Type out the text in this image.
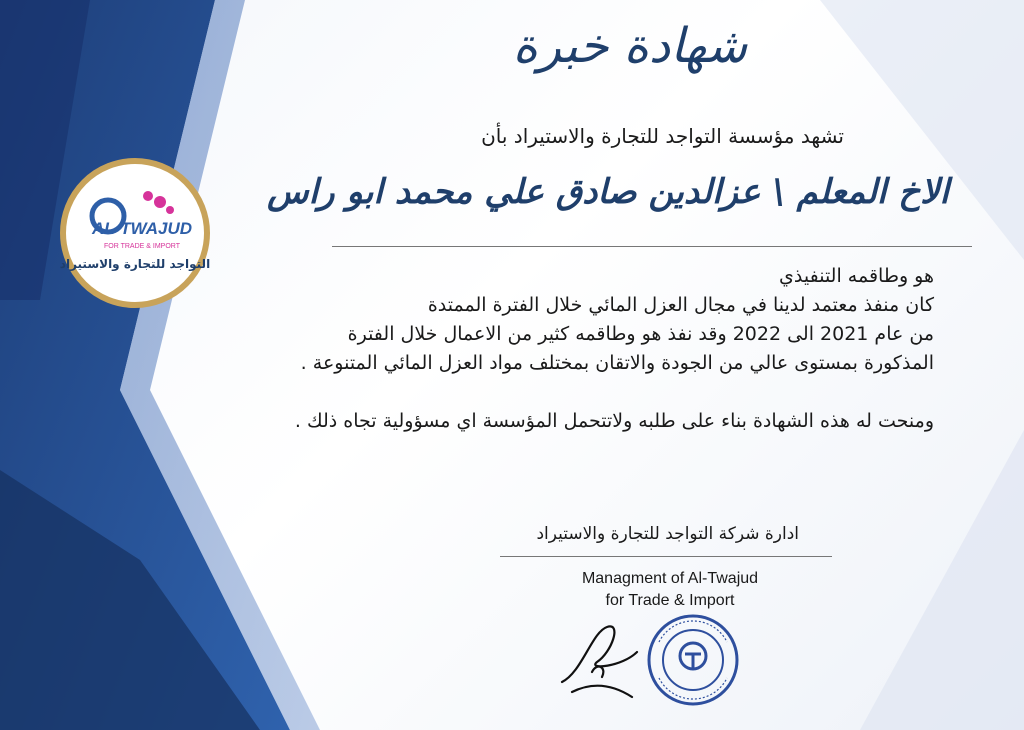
AL-TWAJUD
FOR TRADE & IMPORT
التواجد للتجارة والاستيراد
شهادة خبرة
تشهد مؤسسة التواجد للتجارة والاستيراد بأن
الاخ المعلم \ عزالدين صادق علي محمد ابو راس

هو وطاقمه التنفيذي

كان منفذ معتمد لدينا في مجال العزل المائي خلال الفترة الممتدة

من عام 2021 الى 2022 وقد نفذ هو وطاقمه كثير من الاعمال خلال الفترة

المذكورة بمستوى عالي من الجودة والاتقان بمختلف مواد العزل المائي المتنوعة .

ومنحت له هذه الشهادة بناء على طلبه ولاتتحمل المؤسسة اي مسؤولية تجاه ذلك .

ادارة شركة التواجد للتجارة والاستيراد
Managment of Al-Twajud
for Trade & Import
